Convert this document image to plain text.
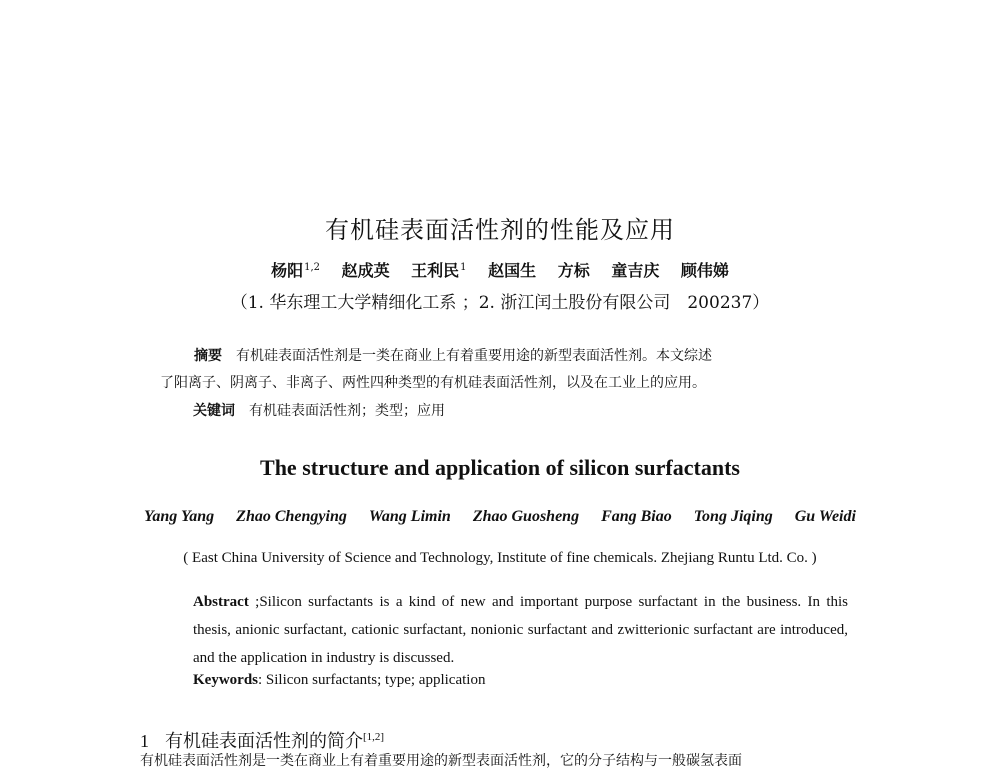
有机硅表面活性剂的性能及应用
杨阳$^{1,2}$ 赵成英 王利民$^1$ 赵国生 方标 童吉庆 顾伟娣
（1. 华东理工大学精细化工系 ；2. 浙江闰土股份有限公司　200237）
摘要 有机硅表面活性剂是一类在商业上有着重要用途的新型表面活性剂。本文综述
了阳离子、阴离子、非离子、两性四种类型的有机硅表面活性剂，以及在工业上的应用。
关键词 有机硅表面活性剂；类型；应用
The structure and application of silicon surfactants
Yang Yang Zhao Chengying Wang Limin Zhao Guosheng Fang Biao Tong Jiqing Gu Weidi
( East China University of Science and Technology, Institute of fine chemicals. Zhejiang Runtu Ltd. Co. )
Abstract ;Silicon surfactants is a kind of new and important purpose surfactant in the business. In this thesis, anionic surfactant, cationic surfactant, nonionic surfactant and zwitterionic surfactant are introduced, and the application in industry is discussed.
Keywords: Silicon surfactants; type; application
1 有机硅表面活性剂的简介[1,2]
有机硅表面活性剂是一类在商业上有着重要用途的新型表面活性剂，它的分子结构与一般碳氢表面
